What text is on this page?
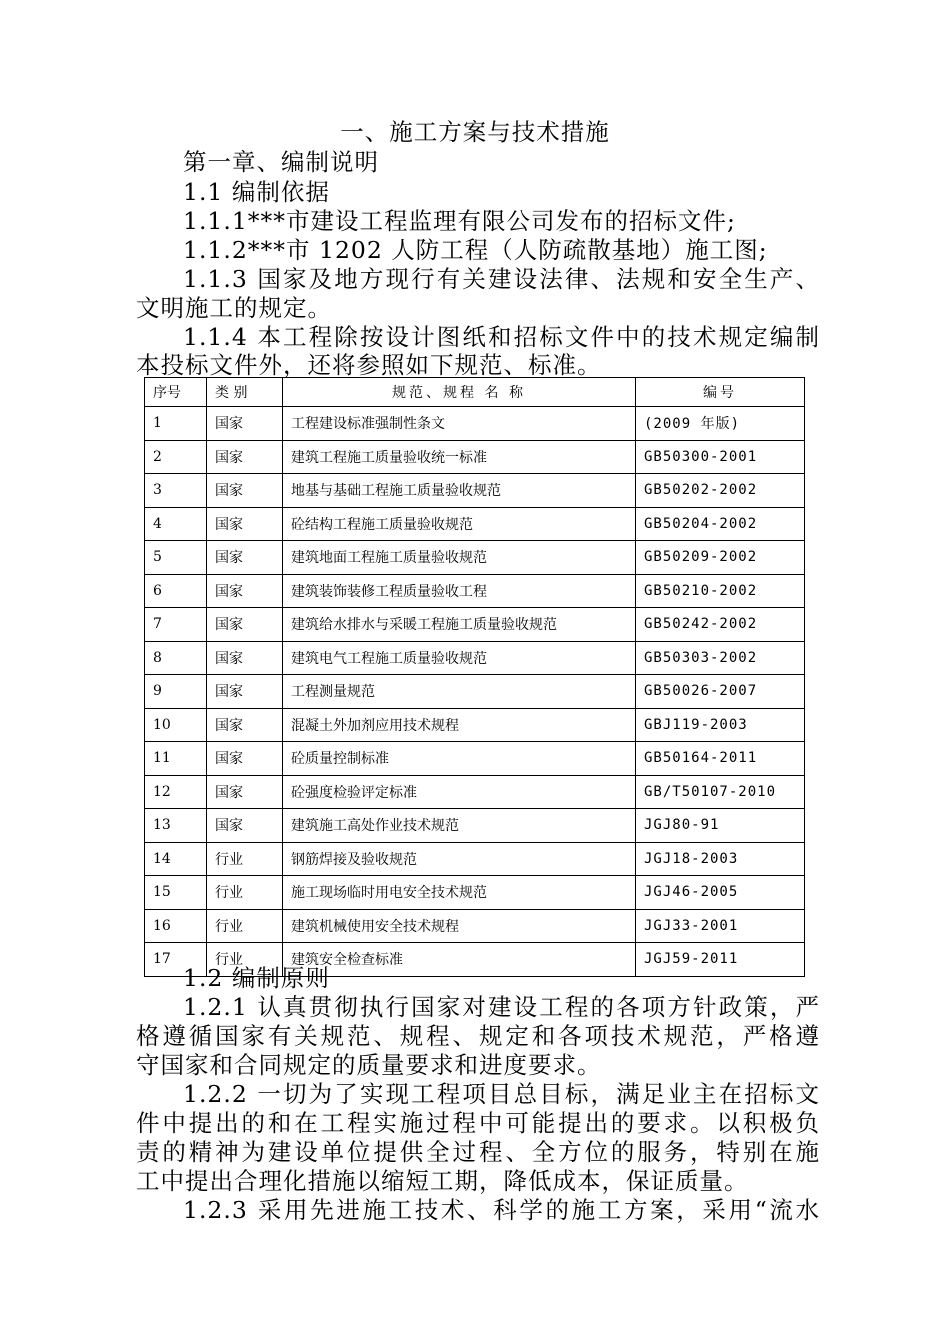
一、施工方案与技术措施
第一章、编制说明
1.1 编制依据
1.1.1***市建设工程监理有限公司发布的招标文件;
1.1.2***市 1202 人防工程（人防疏散基地）施工图;
1.1.3 国家及地方现行有关建设法律、法规和安全生产、
文明施工的规定。
1.1.4 本工程除按设计图纸和招标文件中的技术规定编制
本投标文件外，还将参照如下规范、标准。
序号	类 别	规范、规程 名 称	编号
1	国家	工程建设标准强制性条文	(2009 年版)
2	国家	建筑工程施工质量验收统一标准	GB50300-2001
3	国家	地基与基础工程施工质量验收规范	GB50202-2002
4	国家	砼结构工程施工质量验收规范	GB50204-2002
5	国家	建筑地面工程施工质量验收规范	GB50209-2002
6	国家	建筑装饰装修工程质量验收工程	GB50210-2002
7	国家	建筑给水排水与采暖工程施工质量验收规范	GB50242-2002
8	国家	建筑电气工程施工质量验收规范	GB50303-2002
9	国家	工程测量规范	GB50026-2007
10	国家	混凝土外加剂应用技术规程	GBJ119-2003
11	国家	砼质量控制标准	GB50164-2011
12	国家	砼强度检验评定标准	GB/T50107-2010
13	国家	建筑施工高处作业技术规范	JGJ80-91
14	行业	钢筋焊接及验收规范	JGJ18-2003
15	行业	施工现场临时用电安全技术规范	JGJ46-2005
16	行业	建筑机械使用安全技术规程	JGJ33-2001
17	行业	建筑安全检查标准	JGJ59-2011
1.2 编制原则
1.2.1 认真贯彻执行国家对建设工程的各项方针政策，严
格遵循国家有关规范、规程、规定和各项技术规范，严格遵
守国家和合同规定的质量要求和进度要求。
1.2.2 一切为了实现工程项目总目标，满足业主在招标文
件中提出的和在工程实施过程中可能提出的要求。以积极负
责的精神为建设单位提供全过程、全方位的服务，特别在施
工中提出合理化措施以缩短工期，降低成本，保证质量。
1.2.3 采用先进施工技术、科学的施工方案，采用“流水
